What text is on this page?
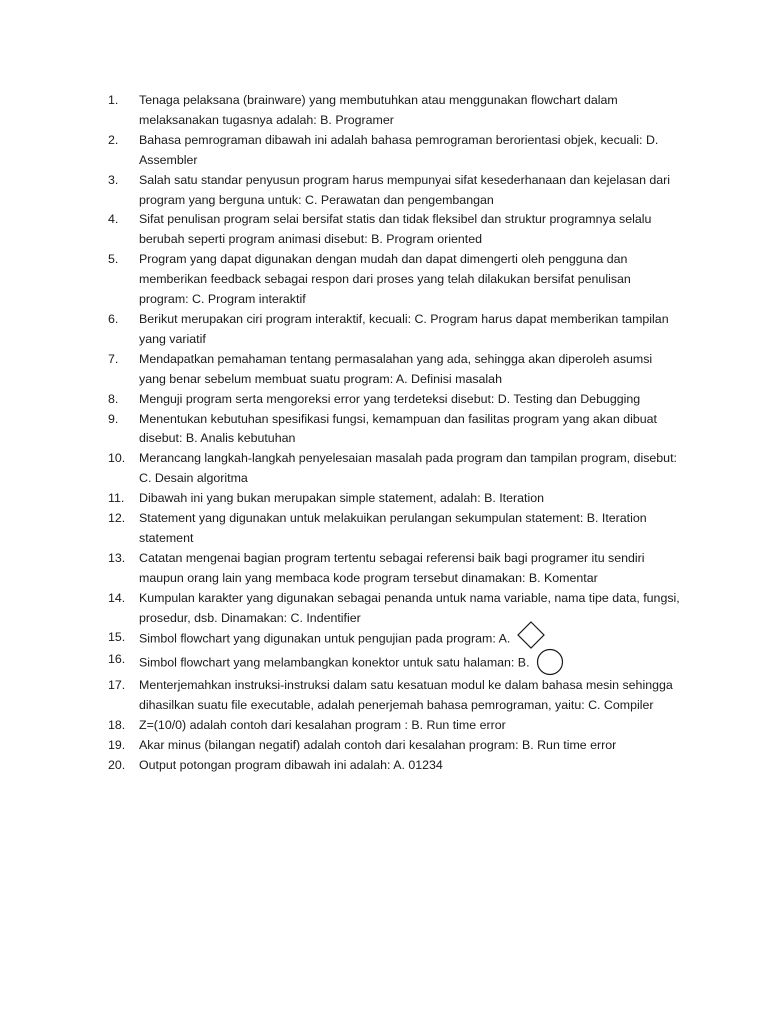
1.	Tenaga pelaksana (brainware) yang membutuhkan atau menggunakan flowchart dalam melaksanakan tugasnya adalah: B. Programer
2.	Bahasa pemrograman dibawah ini adalah bahasa pemrograman berorientasi objek, kecuali: D. Assembler
3.	Salah satu standar penyusun program harus mempunyai sifat kesederhanaan dan kejelasan dari program yang berguna untuk: C. Perawatan dan pengembangan
4.	Sifat penulisan program selai bersifat statis dan tidak fleksibel dan struktur programnya selalu berubah seperti program animasi disebut: B. Program oriented
5.	Program yang dapat digunakan dengan mudah dan dapat dimengerti oleh pengguna dan memberikan feedback sebagai respon dari proses yang telah dilakukan bersifat penulisan program: C. Program interaktif
6.	Berikut merupakan ciri program interaktif, kecuali: C. Program harus dapat memberikan tampilan yang variatif
7.	Mendapatkan pemahaman tentang permasalahan yang ada, sehingga akan diperoleh asumsi yang benar sebelum membuat suatu program: A. Definisi masalah
8.	Menguji program serta mengoreksi error yang terdeteksi disebut: D. Testing dan Debugging
9.	Menentukan kebutuhan spesifikasi fungsi, kemampuan dan fasilitas program yang akan dibuat disebut: B. Analis kebutuhan
10.	Merancang langkah-langkah penyelesaian masalah pada program dan tampilan program, disebut: C. Desain algoritma
11.	Dibawah ini yang bukan merupakan simple statement, adalah: B. Iteration
12.	Statement yang digunakan untuk melakuikan perulangan sekumpulan statement: B. Iteration statement
13.	Catatan mengenai bagian program tertentu sebagai referensi baik bagi programer itu sendiri maupun orang lain yang membaca kode program tersebut dinamakan: B. Komentar
14.	Kumpulan karakter yang digunakan sebagai penanda untuk nama variable, nama tipe data, fungsi, prosedur, dsb. Dinamakan: C. Indentifier
15.	Simbol flowchart yang digunakan untuk pengujian pada program: A.
16.	Simbol flowchart yang melambangkan konektor untuk satu halaman: B.
17.	Menterjemahkan instruksi-instruksi dalam satu kesatuan modul ke dalam bahasa mesin sehingga dihasilkan suatu file executable, adalah penerjemah bahasa pemrograman, yaitu: C. Compiler
18.	Z=(10/0) adalah contoh dari kesalahan program : B. Run time error
19.	Akar minus (bilangan negatif) adalah contoh dari kesalahan program: B. Run time error
20.	Output potongan program dibawah ini adalah: A. 01234
